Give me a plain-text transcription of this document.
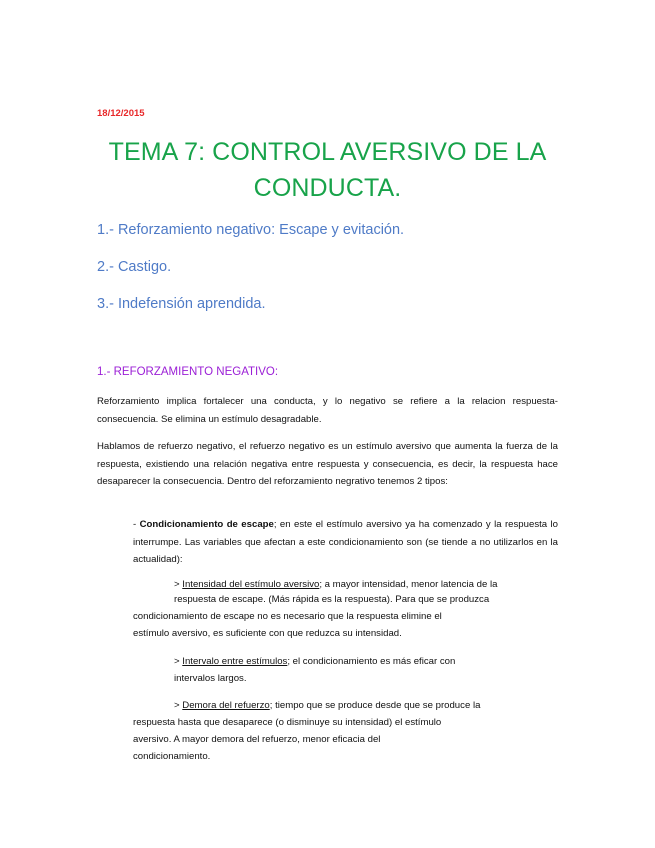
18/12/2015
TEMA 7: CONTROL AVERSIVO DE LA
CONDUCTA.
1.- Reforzamiento negativo: Escape y evitación.
2.- Castigo.
3.- Indefensión aprendida.
1.- REFORZAMIENTO NEGATIVO:
Reforzamiento implica fortalecer una conducta, y lo negativo se refiere a la relacion respuesta-consecuencia. Se elimina un estímulo desagradable.
Hablamos de refuerzo negativo, el refuerzo negativo es un estímulo aversivo que aumenta la fuerza de la respuesta, existiendo una relación negativa entre respuesta y consecuencia, es decir, la respuesta hace desaparecer la consecuencia. Dentro del reforzamiento negrativo tenemos 2 tipos:
- Condicionamiento de escape; en este el estímulo aversivo ya ha comenzado y la respuesta lo interrumpe. Las variables que afectan a este condicionamiento son (se tiende a no utilizarlos en la actualidad):
> Intensidad del estímulo aversivo; a mayor intensidad, menor latencia de la
respuesta de escape. (Más rápida es la respuesta). Para que se produzca
condicionamiento de escape no es necesario que la respuesta elimine el
estímulo aversivo, es suficiente con que reduzca su intensidad.
> Intervalo entre estímulos; el condicionamiento es más eficar con
intervalos largos.
> Demora del refuerzo; tiempo que se produce desde que se produce la
respuesta hasta que desaparece (o disminuye su intensidad) el estímulo
aversivo. A mayor demora del refuerzo, menor eficacia del
condicionamiento.
